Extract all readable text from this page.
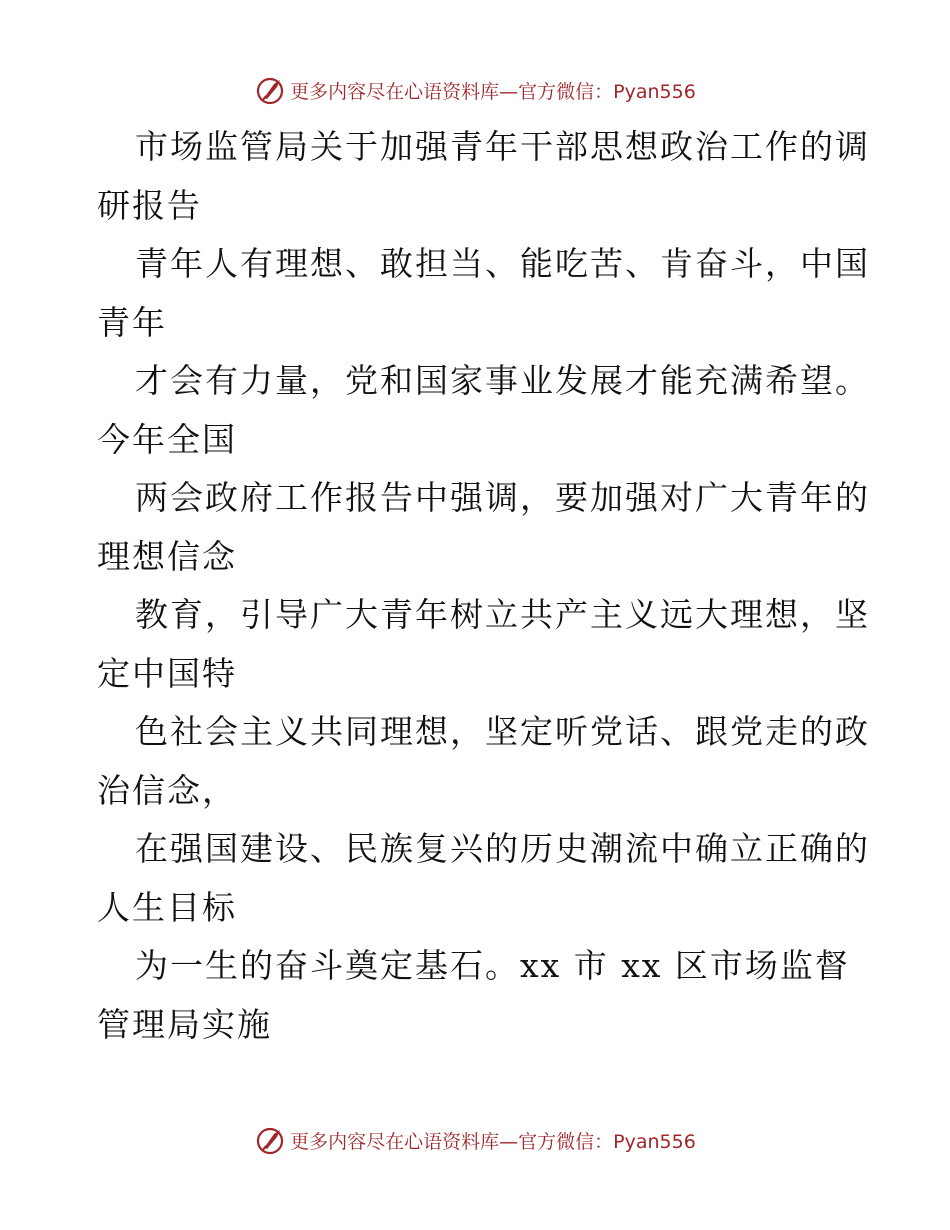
更多内容尽在心语资料库—官方微信：Pyan556
市场监管局关于加强青年干部思想政治工作的调
研报告
青年人有理想、敢担当、能吃苦、肯奋斗，中国
青年
才会有力量，党和国家事业发展才能充满希望。
今年全国
两会政府工作报告中强调，要加强对广大青年的
理想信念
教育，引导广大青年树立共产主义远大理想，坚
定中国特
色社会主义共同理想，坚定听党话、跟党走的政
治信念，
在强国建设、民族复兴的历史潮流中确立正确的
人生目标
为一生的奋斗奠定基石。xx 市 xx 区市场监督
管理局实施
更多内容尽在心语资料库—官方微信：Pyan556
